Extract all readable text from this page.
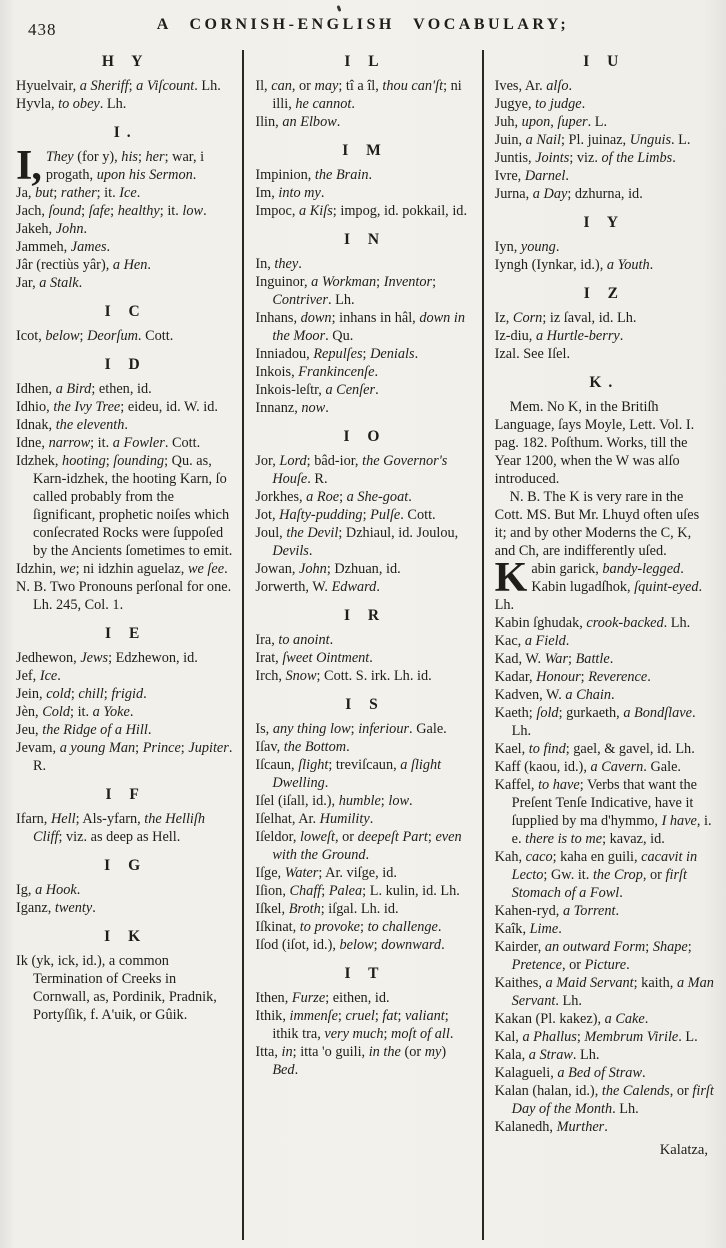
438	A CORNISH-ENGLISH VOCABULARY;
H Y

Hyuelvair, a Sheriff; a Viſcount. Lh.

Hyvla, to obey. Lh.

I.

I, They (for y), his; her; war, i progath, upon his Sermon.

Ja, but; rather; it. Ice.

Jach, ſound; ſafe; healthy; it. low.

Jakeh, John.

Jammeh, James.

Jâr (rectiùs yâr), a Hen.

Jar, a Stalk.

I C

Icot, below; Deorſum. Cott.

I D

Idhen, a Bird; ethen, id.

Idhio, the Ivy Tree; eideu, id. W. id.

Idnak, the eleventh.

Idne, narrow; it. a Fowler. Cott.

Idzhek, hooting; ſounding; Qu. as, Karn-idzhek, the hooting Karn, ſo called probably from the ſignificant, prophetic noiſes which conſecrated Rocks were ſuppoſed by the Ancients ſometimes to emit.

Idzhin, we; ni idzhin aguelaz, we ſee.

N. B. Two Pronouns perſonal for one. Lh. 245, Col. 1.

I E

Jedhewon, Jews; Edzhewon, id.

Jef, Ice.

Jein, cold; chill; frigid.

Jèn, Cold; it. a Yoke.

Jeu, the Ridge of a Hill.

Jevam, a young Man; Prince; Jupiter. R.

I F

Ifarn, Hell; Als-yfarn, the Helliſh Cliff; viz. as deep as Hell.

I G

Ig, a Hook.

Iganz, twenty.

I K

Ik (yk, ick, id.), a common Termination of Creeks in Cornwall, as, Pordinik, Pradnik, Portyſſik, f. A'uik, or Gûik.

I L

Il, can, or may; tî a îl, thou can'ſt; ni illi, he cannot.

Ilin, an Elbow.

I M

Impinion, the Brain.

Im, into my.

Impoc, a Kiſs; impog, id. pokkail, id.

I N

In, they.

Inguinor, a Workman; Inventor; Contriver. Lh.

Inhans, down; inhans in hâl, down in the Moor. Qu.

Inniadou, Repulſes; Denials.

Inkois, Frankincenſe.

Inkois-leſtr, a Cenſer.

Innanz, now.

I O

Jor, Lord; bâd-ior, the Governor's Houſe. R.

Jorkhes, a Roe; a She-goat.

Jot, Haſty-pudding; Pulſe. Cott.

Joul, the Devil; Dzhiaul, id. Joulou, Devils.

Jowan, John; Dzhuan, id.

Jorwerth, W. Edward.

I R

Ira, to anoint.

Irat, ſweet Ointment.

Irch, Snow; Cott. S. irk. Lh. id.

I S

Is, any thing low; inferiour. Gale.

Iſav, the Bottom.

Iſcaun, ſlight; treviſcaun, a ſlight Dwelling.

Iſel (iſall, id.), humble; low.

Iſelhat, Ar. Humility.

Iſeldor, loweſt, or deepeſt Part; even with the Ground.

Iſge, Water; Ar. viſge, id.

Iſion, Chaff; Palea; L. kulin, id. Lh.

Iſkel, Broth; iſgal. Lh. id.

Iſkinat, to provoke; to challenge.

Iſod (iſot, id.), below; downward.

I T

Ithen, Furze; eithen, id.

Ithik, immenſe; cruel; fat; valiant; ithik tra, very much; moſt of all.

Itta, in; itta 'o guili, in the (or my) Bed.

I U

Ives, Ar. alſo.

Jugye, to judge.

Juh, upon, ſuper. L.

Juin, a Nail; Pl. juinaz, Unguis. L.

Juntis, Joints; viz. of the Limbs.

Ivre, Darnel.

Jurna, a Day; dzhurna, id.

I Y

Iyn, young.

Iyngh (Iynkar, id.), a Youth.

I Z

Iz, Corn; iz ſaval, id. Lh.

Iz-diu, a Hurtle-berry.

Izal. See Iſel.

K.

Mem. No K, in the Britiſh Language, ſays Moyle, Lett. Vol. I. pag. 182. Poſthum. Works, till the Year 1200, when the W was alſo introduced.

N. B. The K is very rare in the Cott. MS. But Mr. Lhuyd often uſes it; and by other Moderns the C, K, and Ch, are indifferently uſed.

Kabin garick, bandy-legged. Kabin lugadſhok, ſquint-eyed. Lh.

Kabin ſghudak, crook-backed. Lh.

Kac, a Field.

Kad, W. War; Battle.

Kadar, Honour; Reverence.

Kadven, W. a Chain.

Kaeth; ſold; gurkaeth, a Bondſlave. Lh.

Kael, to find; gael, & gavel, id. Lh.

Kaff (kaou, id.), a Cavern. Gale.

Kaffel, to have; Verbs that want the Preſent Tenſe Indicative, have it ſupplied by ma d'hymmo, I have, i. e. there is to me; kavaz, id.

Kah, caco; kaha en guili, cacavit in Lecto; Gw. it. the Crop, or firſt Stomach of a Fowl.

Kahen-ryd, a Torrent.

Kaîk, Lime.

Kairder, an outward Form; Shape; Pretence, or Picture.

Kaithes, a Maid Servant; kaith, a Man Servant. Lh.

Kakan (Pl. kakez), a Cake.

Kal, a Phallus; Membrum Virile. L.

Kala, a Straw. Lh.

Kalagueli, a Bed of Straw.

Kalan (halan, id.), the Calends, or firſt Day of the Month. Lh.

Kalanedh, Murther.

Kalatza,
